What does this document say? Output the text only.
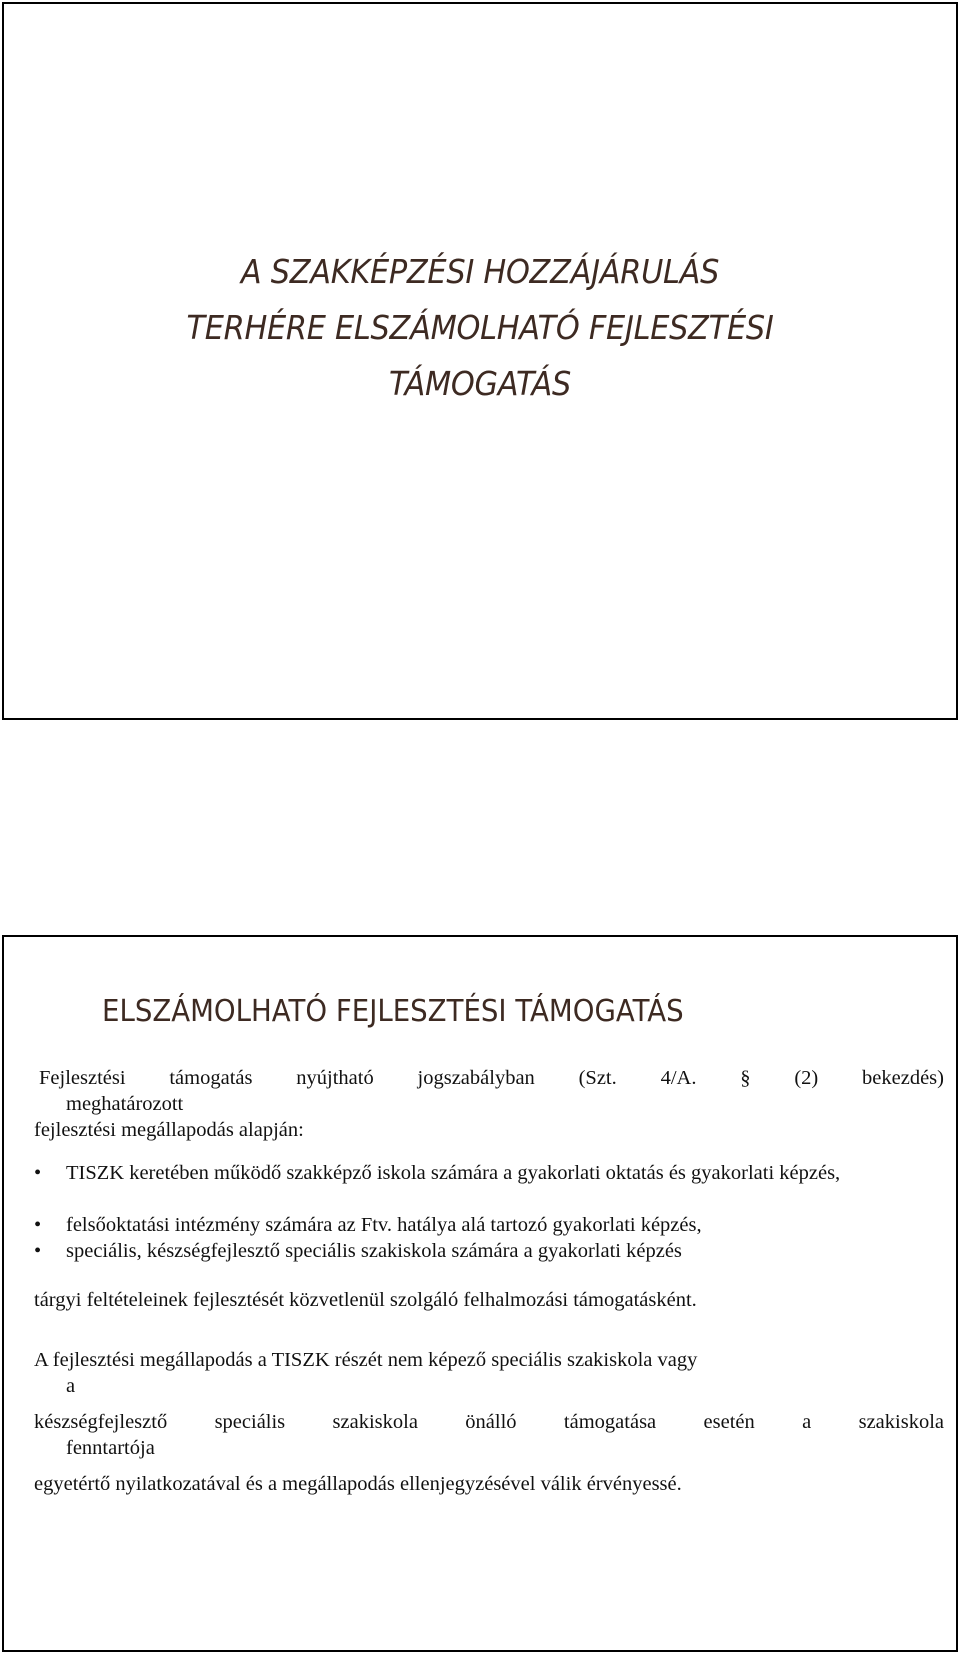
A SZAKKÉPZÉSI HOZZÁJÁRULÁS
TERHÉRE ELSZÁMOLHATÓ FEJLESZTÉSI
TÁMOGATÁS
ELSZÁMOLHATÓ FEJLESZTÉSI TÁMOGATÁS
Fejlesztési támogatás nyújtható jogszabályban (Szt. 4/A. § (2) bekezdés)
meghatározott
fejlesztési megállapodás alapján:
• TISZK keretében működő szakképző iskola számára a gyakorlati oktatás és gyakorlati képzés,
• felsőoktatási intézmény számára az Ftv. hatálya alá tartozó gyakorlati képzés,
• speciális, készségfejlesztő speciális szakiskola számára a gyakorlati képzés
tárgyi feltételeinek fejlesztését közvetlenül szolgáló felhalmozási támogatásként.
A fejlesztési megállapodás a TISZK részét nem képező speciális szakiskola vagy
a
készségfejlesztő speciális szakiskola önálló támogatása esetén a szakiskola
fenntartója
egyetértő nyilatkozatával és a megállapodás ellenjegyzésével válik érvényessé.
